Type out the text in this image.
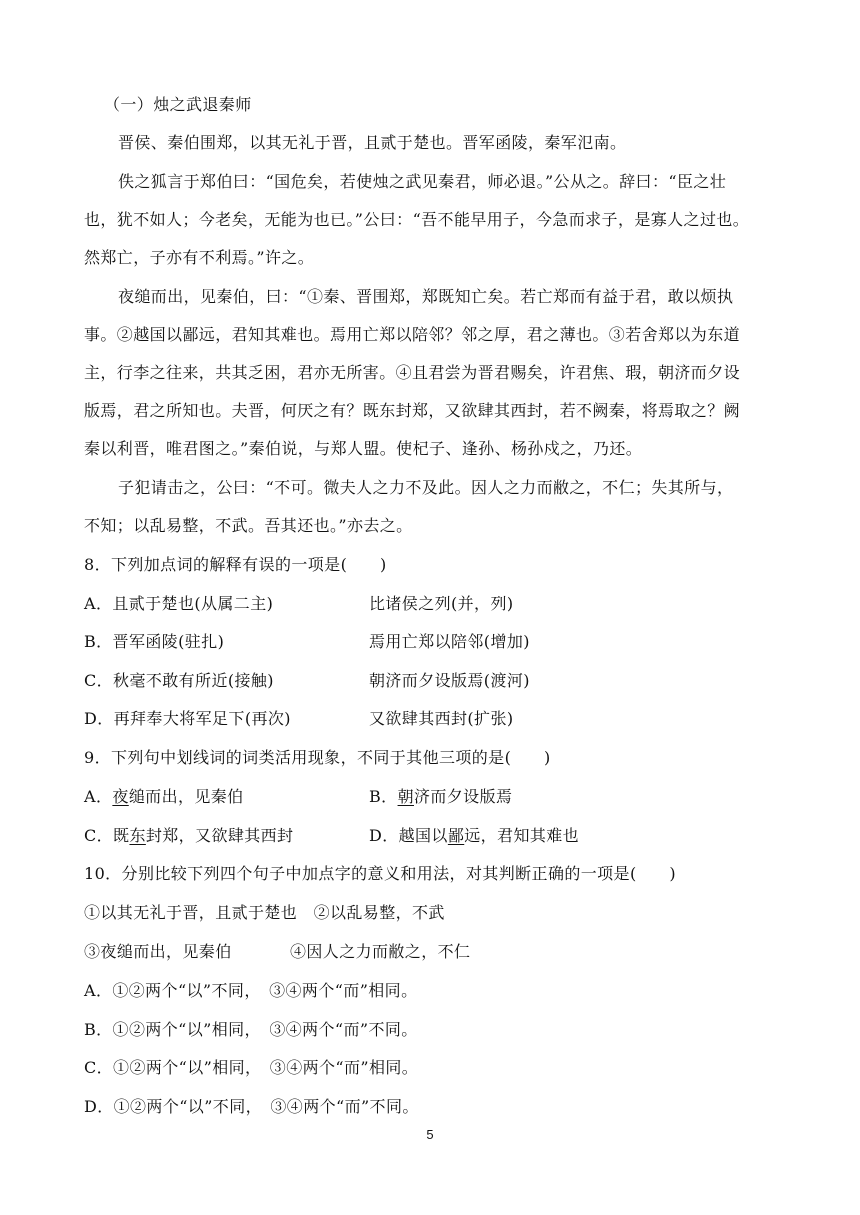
（一）烛之武退秦师
晋侯、秦伯围郑，以其无礼于晋，且贰于楚也。晋军函陵，秦军氾南。
佚之狐言于郑伯曰：“国危矣，若使烛之武见秦君，师必退。”公从之。辞曰：“臣之壮
也，犹不如人；今老矣，无能为也已。”公曰：“吾不能早用子，今急而求子，是寡人之过也。
然郑亡，子亦有不利焉。”许之。
夜缒而出，见秦伯，曰：“①秦、晋围郑，郑既知亡矣。若亡郑而有益于君，敢以烦执
事。②越国以鄙远，君知其难也。焉用亡郑以陪邻？邻之厚，君之薄也。③若舍郑以为东道
主，行李之往来，共其乏困，君亦无所害。④且君尝为晋君赐矣，许君焦、瑕，朝济而夕设
版焉，君之所知也。夫晋，何厌之有？既东封郑，又欲肆其西封，若不阙秦，将焉取之？阙
秦以利晋，唯君图之。”秦伯说，与郑人盟。使杞子、逢孙、杨孙戍之，乃还。
子犯请击之，公曰：“不可。微夫人之力不及此。因人之力而敝之，不仁；失其所与，
不知；以乱易整，不武。吾其还也。”亦去之。
8．下列加点词的解释有误的一项是(　　)
A．且贰于楚也(从属二主)	比诸侯之列(并，列)
B．晋军函陵(驻扎)	焉用亡郑以陪邻(增加)
C．秋毫不敢有所近(接触)	朝济而夕设版焉(渡河)
D．再拜奉大将军足下(再次)	又欲肆其西封(扩张)
9．下列句中划线词的词类活用现象，不同于其他三项的是(　　)
A．夜缒而出，见秦伯	B．朝济而夕设版焉
C．既东封郑，又欲肆其西封	D．越国以鄙远，君知其难也
10．分别比较下列四个句子中加点字的意义和用法，对其判断正确的一项是(　　)
①以其无礼于晋，且贰于楚也　②以乱易整，不武
③夜缒而出，见秦伯	④因人之力而敝之，不仁
A．①②两个“以”不同，　③④两个“而”相同。
B．①②两个“以”相同，　③④两个“而”不同。
C．①②两个“以”相同，　③④两个“而”相同。
D．①②两个“以”不同，　③④两个“而”不同。
5
